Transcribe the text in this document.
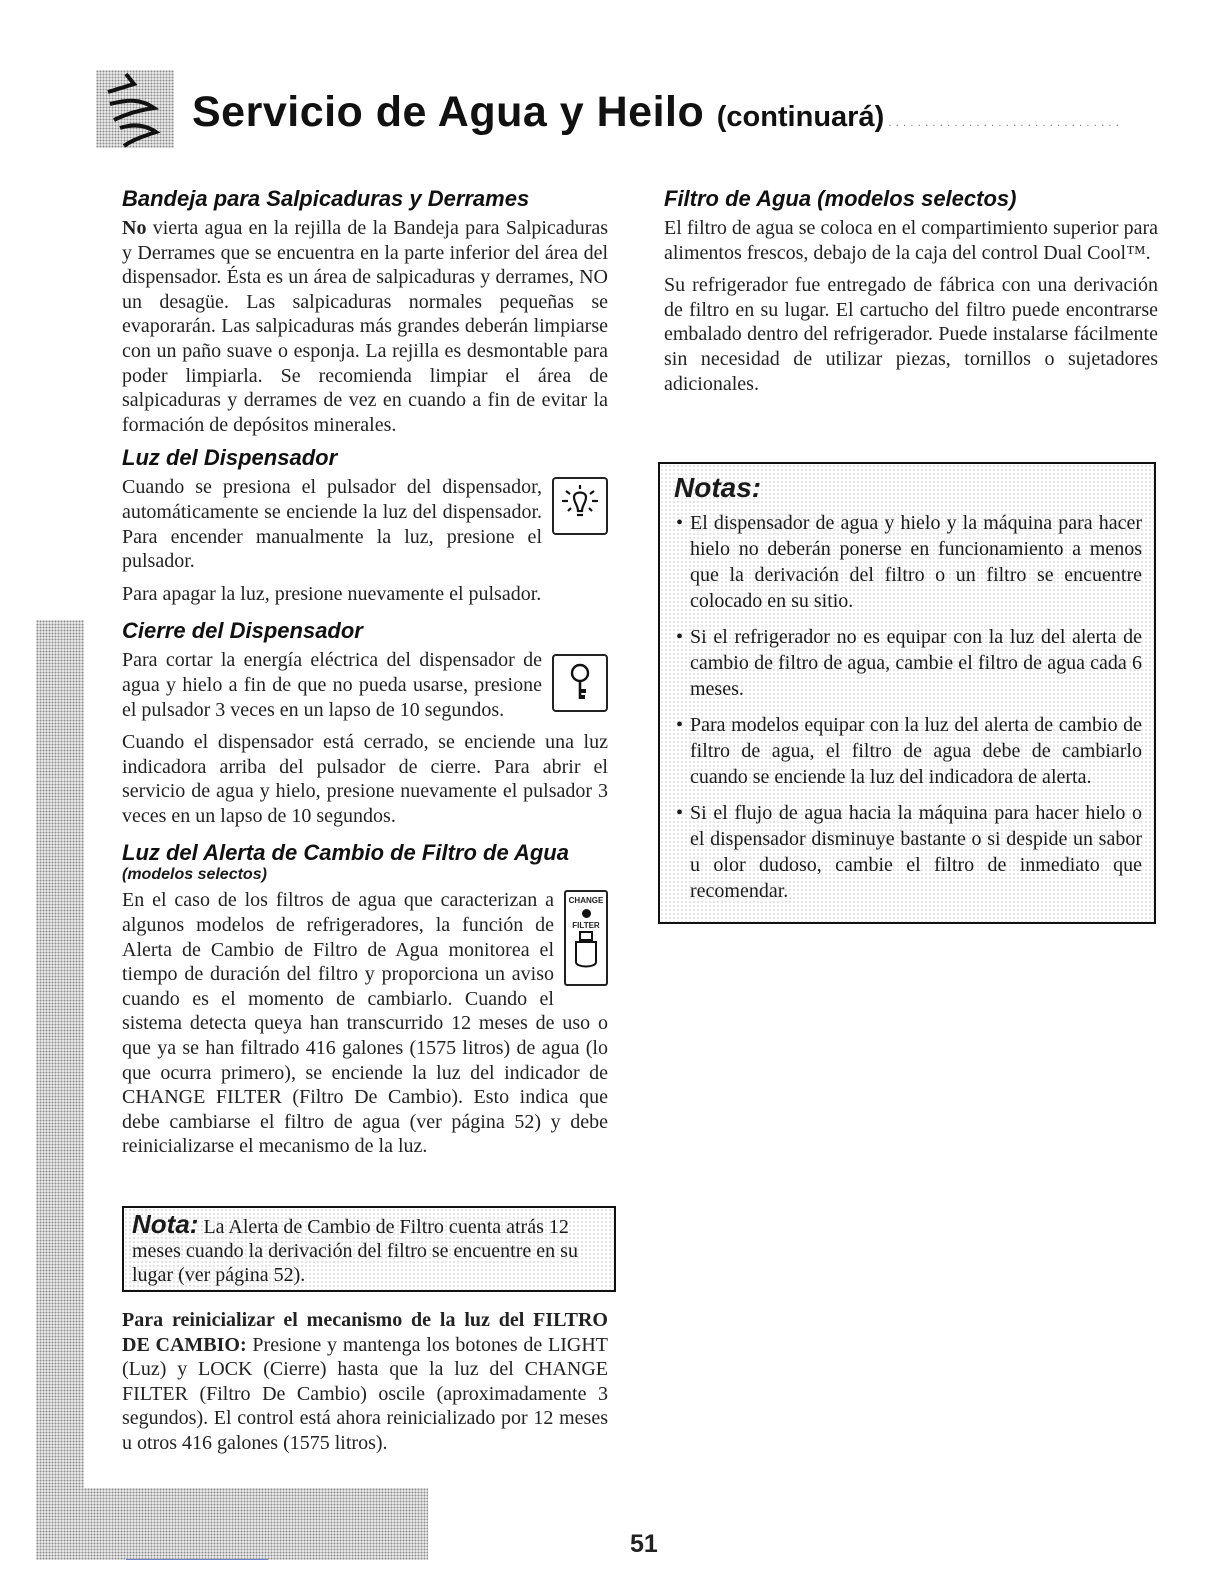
Servicio de Agua y Heilo (continuará) ................................
Bandeja para Salpicaduras y Derrames

No vierta agua en la rejilla de la Bandeja para Salpicaduras y Derrames que se encuentra en la parte inferior del área del dispensador. Ésta es un área de salpicaduras y derrames, NO un desagüe. Las salpicaduras normales pequeñas se evaporarán. Las salpicaduras más grandes deberán limpiarse con un paño suave o esponja. La rejilla es desmontable para poder limpiarla. Se recomienda limpiar el área de salpicaduras y derrames de vez en cuando a fin de evitar la formación de depósitos minerales.

Luz del Dispensador

Cuando se presiona el pulsador del dispensador, automáticamente se enciende la luz del dispensador. Para encender manualmente la luz, presione el pulsador.

Para apagar la luz, presione nuevamente el pulsador.

Cierre del Dispensador

Para cortar la energía eléctrica del dispensador de agua y hielo a fin de que no pueda usarse, presione el pulsador 3 veces en un lapso de 10 segundos.

Cuando el dispensador está cerrado, se enciende una luz indicadora arriba del pulsador de cierre. Para abrir el servicio de agua y hielo, presione nuevamente el pulsador 3 veces en un lapso de 10 segundos.

Luz del Alerta de Cambio de Filtro de Agua
(modelos selectos)

CHANGE
FILTER
En el caso de los filtros de agua que caracterizan a algunos modelos de refrigeradores, la función de Alerta de Cambio de Filtro de Agua monitorea el tiempo de duración del filtro y proporciona un aviso cuando es el momento de cambiarlo. Cuando el sistema detecta queya han transcurrido 12 meses de uso o que ya se han filtrado 416 galones (1575 litros) de agua (lo que ocurra primero), se enciende la luz del indicador de CHANGE FILTER (Filtro De Cambio). Esto indica que debe cambiarse el filtro de agua (ver página 52) y debe reinicializarse el mecanismo de la luz.

Nota: La Alerta de Cambio de Filtro cuenta atrás 12 meses cuando la derivación del filtro se encuentre en su lugar (ver página 52).

Para reinicializar el mecanismo de la luz del FILTRO DE CAMBIO: Presione y mantenga los botones de LIGHT (Luz) y LOCK (Cierre) hasta que la luz del CHANGE FILTER (Filtro De Cambio) oscile (aproximadamente 3 segundos). El control está ahora reinicializado por 12 meses u otros 416 galones (1575 litros).

Filtro de Agua (modelos selectos)

El filtro de agua se coloca en el compartimiento superior para alimentos frescos, debajo de la caja del control Dual Cool™.

Su refrigerador fue entregado de fábrica con una derivación de filtro en su lugar. El cartucho del filtro puede encontrarse embalado dentro del refrigerador. Puede instalarse fácilmente sin necesidad de utilizar piezas, tornillos o sujetadores adicionales.

Notas:
• El dispensador de agua y hielo y la máquina para hacer hielo no deberán ponerse en funcionamiento a menos que la derivación del filtro o un filtro se encuentre colocado en su sitio.
• Si el refrigerador no es equipar con la luz del alerta de cambio de filtro de agua, cambie el filtro de agua cada 6 meses.
• Para modelos equipar con la luz del alerta de cambio de filtro de agua, el filtro de agua debe de cambiarlo cuando se enciende la luz del indicadora de alerta.
• Si el flujo de agua hacia la máquina para hacer hielo o el dispensador disminuye bastante o si despide un sabor u olor dudoso, cambie el filtro de inmediato que recomendar.

51
